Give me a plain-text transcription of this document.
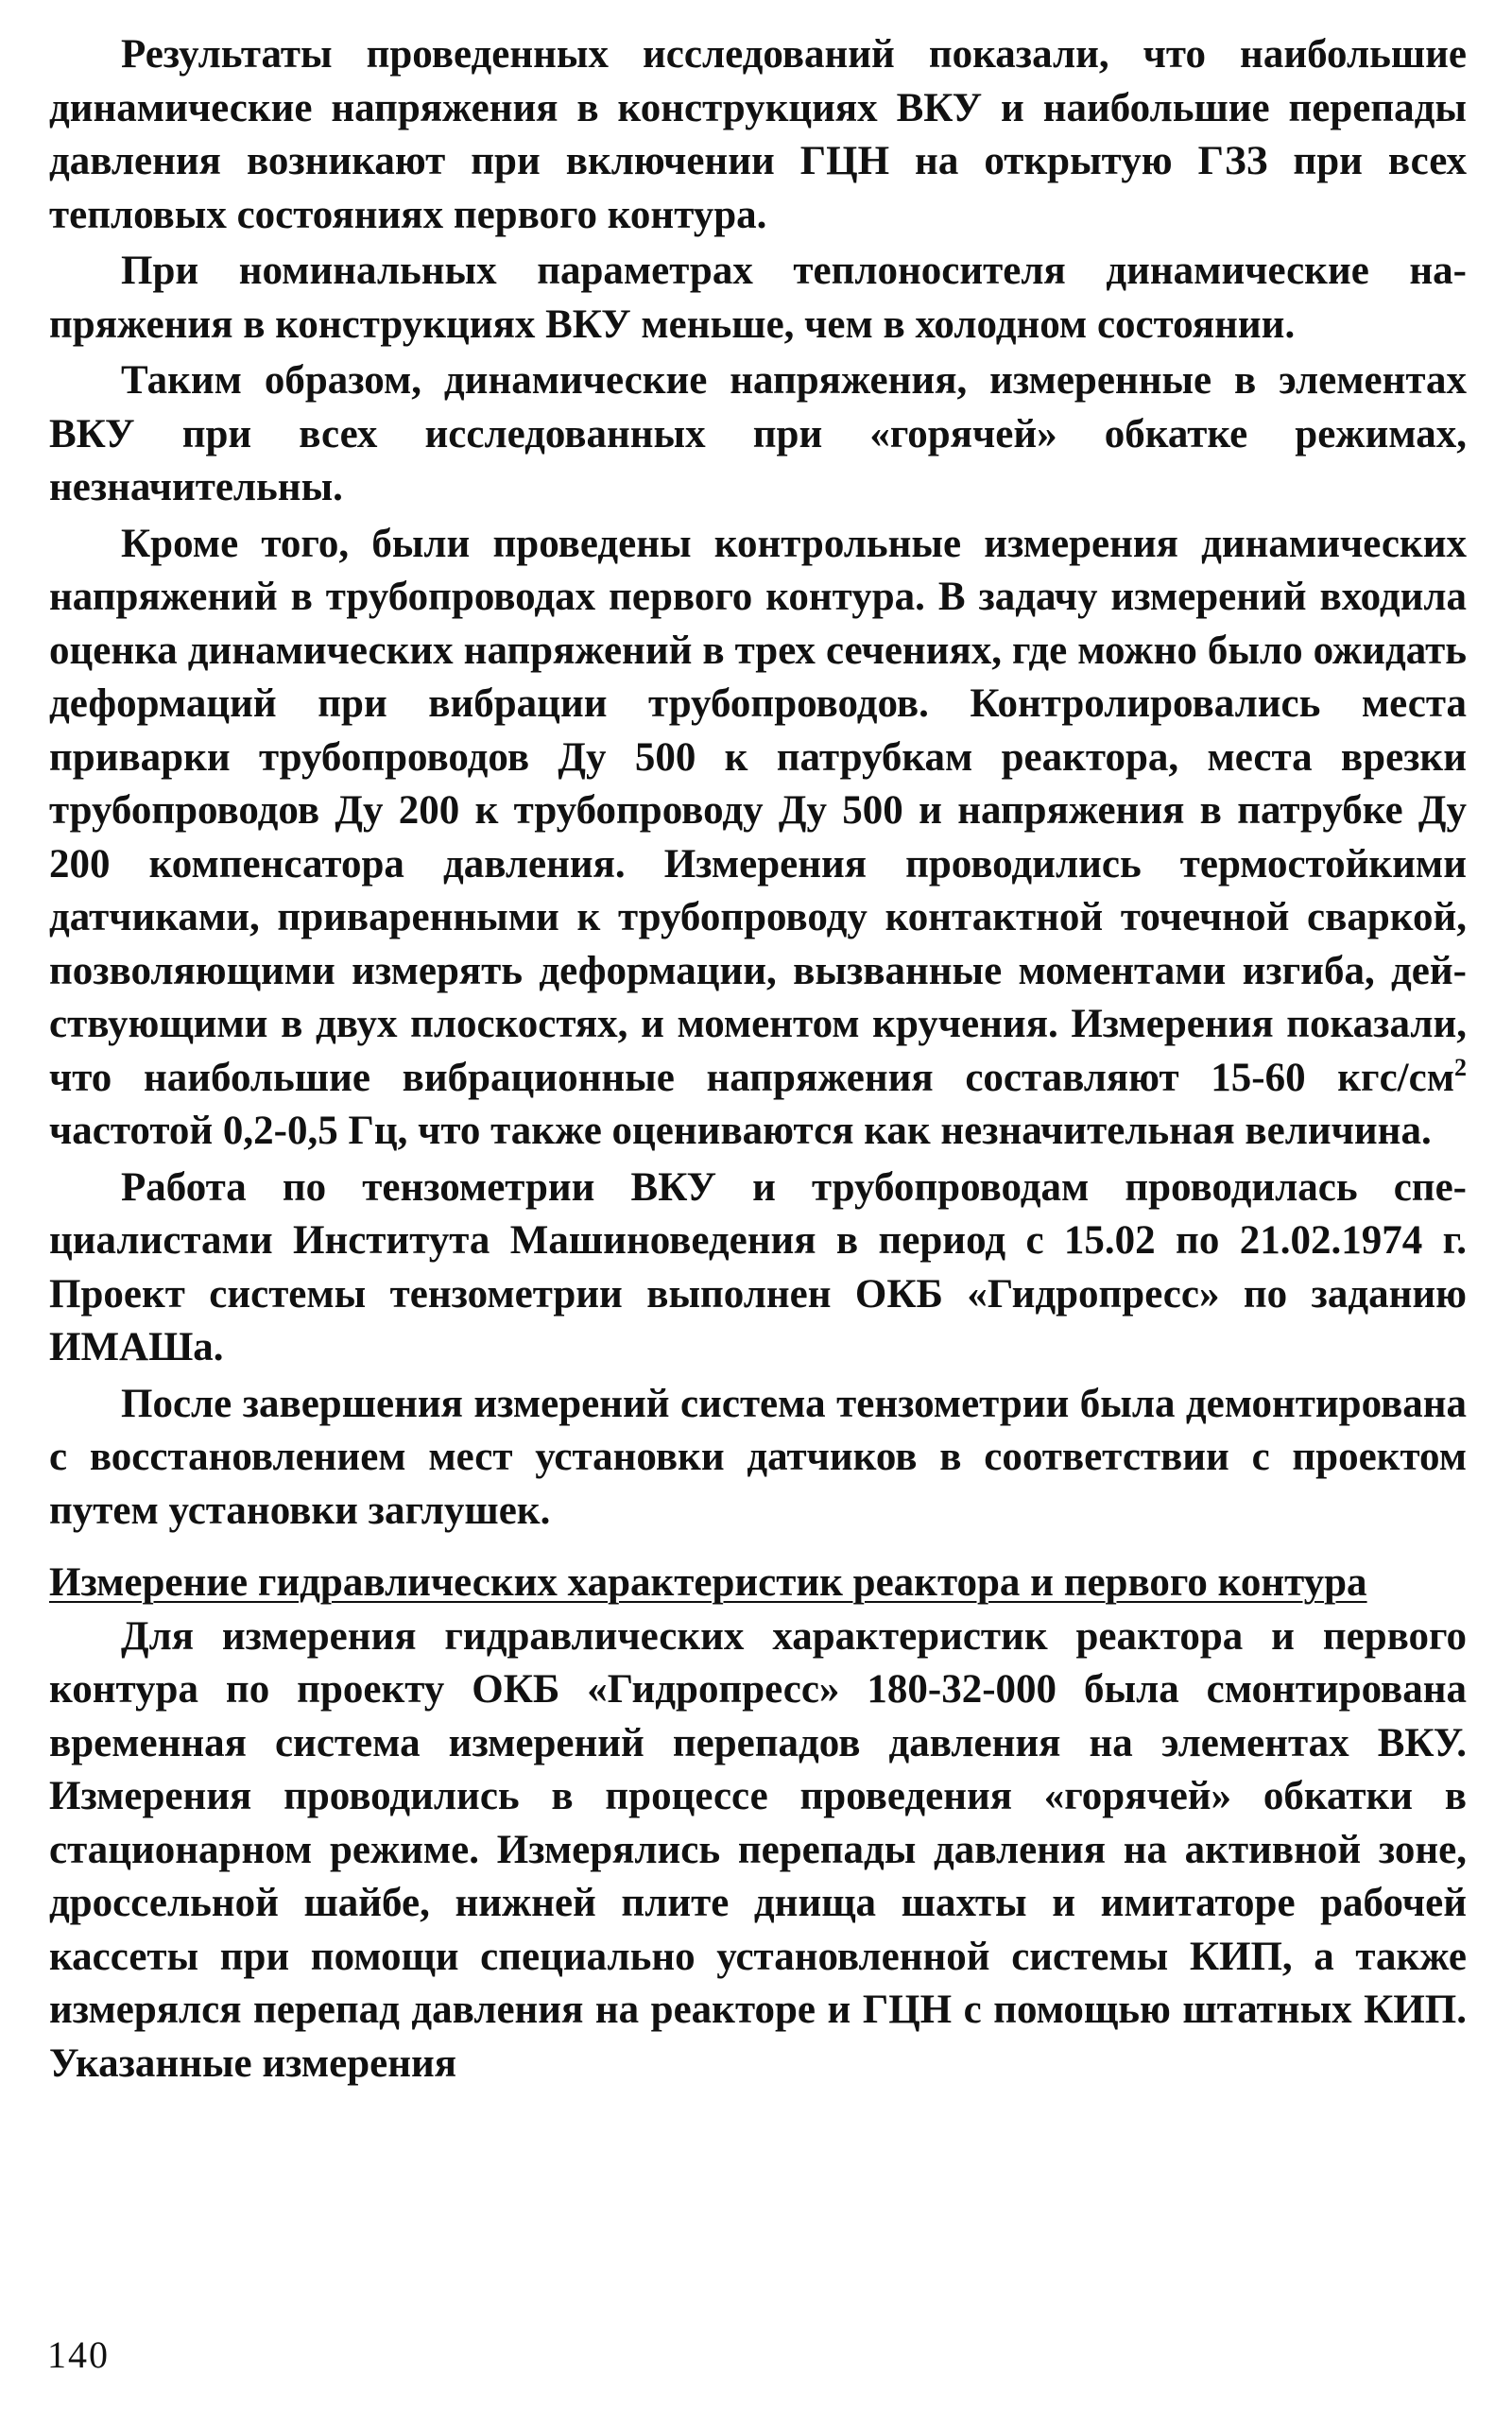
Результаты проведенных исследований показали, что наибольшие динамические напряжения в конструкциях ВКУ и наибольшие перепады давления возникают при включении ГЦН на открытую ГЗЗ при всех тепловых состояниях первого контура.

При номинальных параметрах теплоносителя динамические напряжения в конструкциях ВКУ меньше, чем в холодном состоянии.

Таким образом, динамические напряжения, измеренные в элементах ВКУ при всех исследованных при «горячей» обкатке режимах, незначительны.

Кроме того, были проведены контрольные измерения динамических напряжений в трубопроводах первого контура. В задачу измерений входила оценка динамических напряжений в трех сечениях, где можно было ожидать деформаций при вибрации трубопроводов. Контролировались места приварки трубопроводов Ду 500 к патрубкам реактора, места врезки трубопроводов Ду 200 к трубопроводу Ду 500 и напряжения в патрубке Ду 200 компенсатора давления. Измерения проводились термостойкими датчиками, приваренными к трубопроводу контактной точечной сваркой, позволяющими измерять деформации, вызванные моментами изгиба, действующими в двух плоскостях, и моментом кручения. Измерения показали, что наибольшие вибрационные напряжения составляют 15-60 кгс/$см^2$ частотой 0,2-0,5 Гц, что также оцениваются как незначительная величина.

Работа по тензометрии ВКУ и трубопроводам проводилась специалистами Института Машиноведения в период с 15.02 по 21.02.1974 г. Проект системы тензометрии выполнен ОКБ «Гидропресс» по заданию ИМАШа.

После завершения измерений система тензометрии была демонтирована с восстановлением мест установки датчиков в соответствии с проектом путем установки заглушек.

Измерение гидравлических характеристик реактора и первого контура

Для измерения гидравлических характеристик реактора и первого контура по проекту ОКБ «Гидропресс» 180-32-000 была смонтирована временная система измерений перепадов давления на элементах ВКУ. Измерения проводились в процессе проведения «горячей» обкатки в стационарном режиме. Измерялись перепады давления на активной зоне, дроссельной шайбе, нижней плите днища шахты и имитаторе рабочей кассеты при помощи специально установленной системы КИП, а также измерялся перепад давления на реакторе и ГЦН с помощью штатных КИП. Указанные измерения

140
